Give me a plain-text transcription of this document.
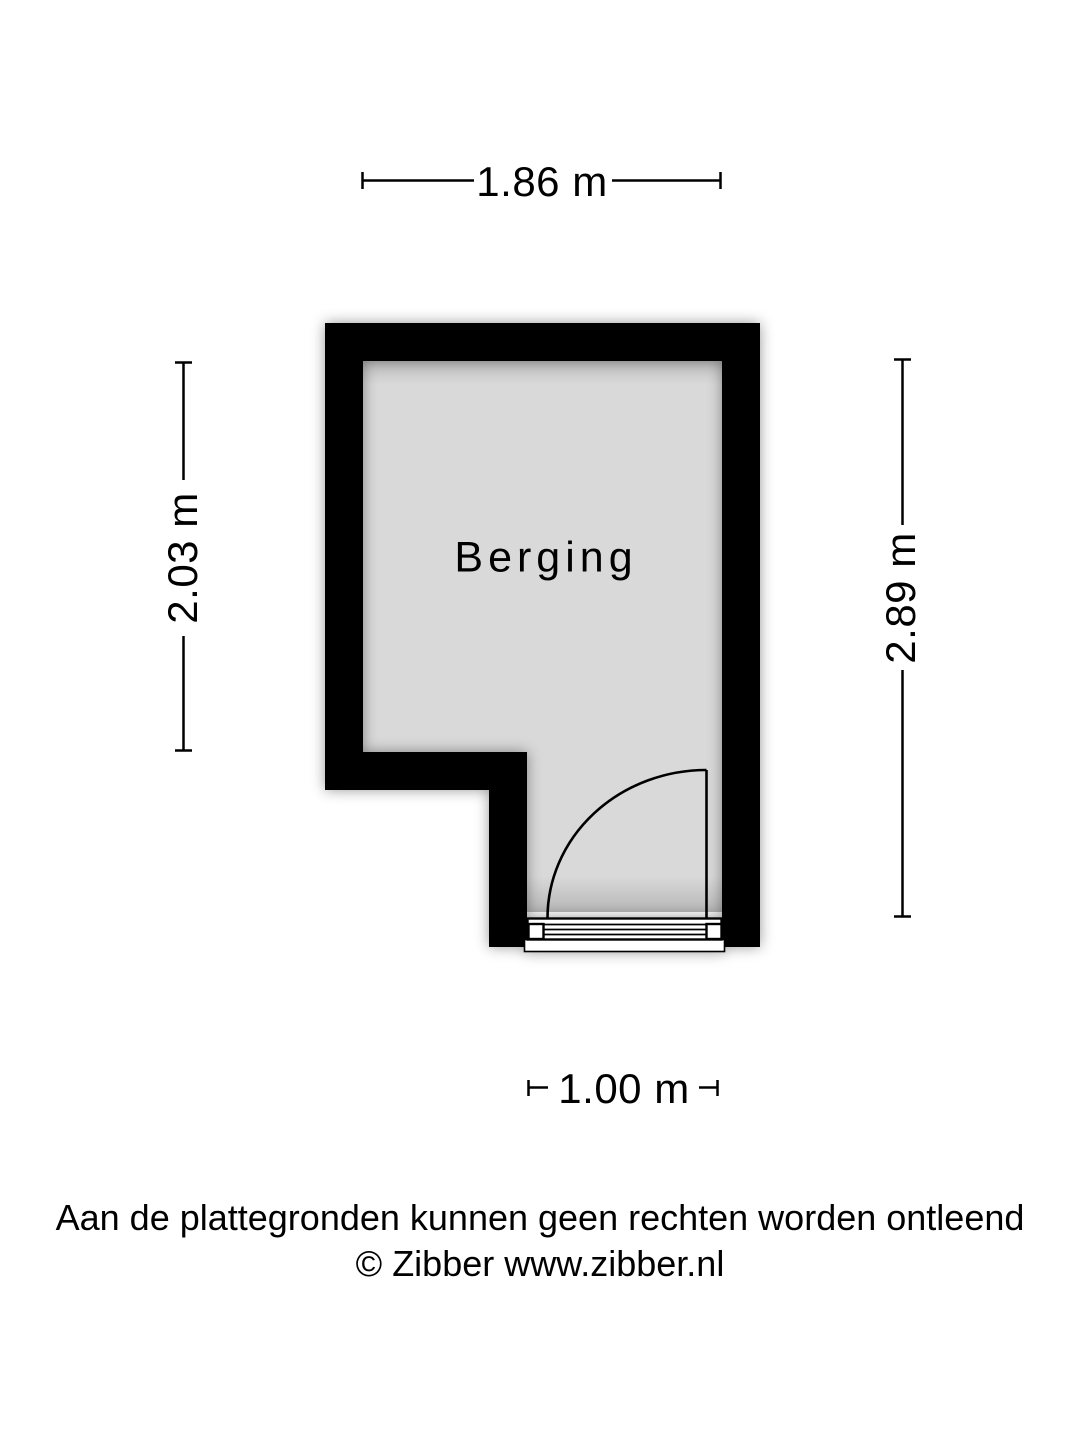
1.86 m
2.03 m	2.89 m
1.00 m
Berging
Aan de plattegronden kunnen geen rechten worden ontleend
© Zibber www.zibber.nl
